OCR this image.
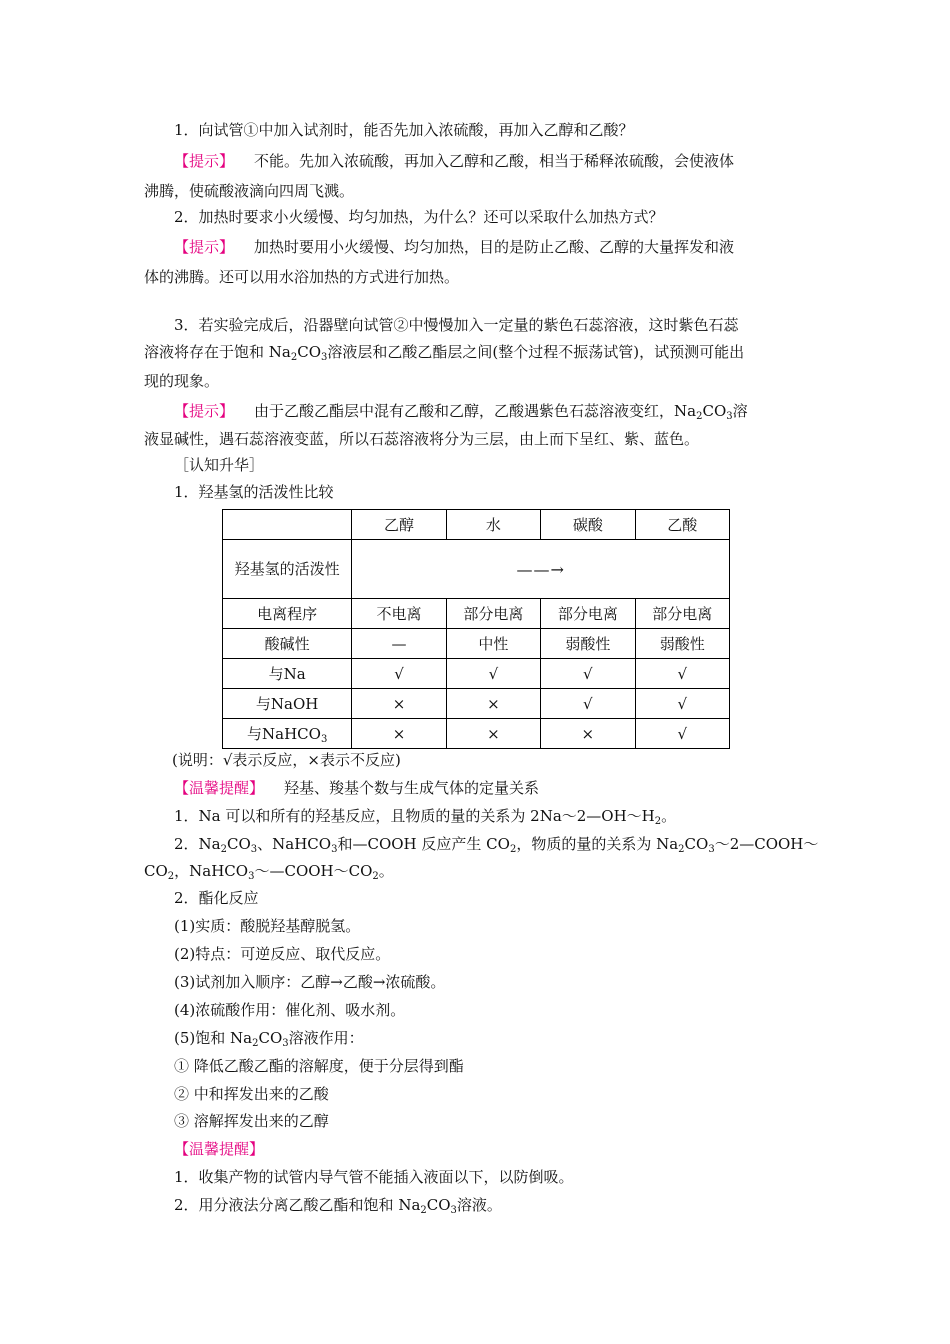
1．向试管①中加入试剂时，能否先加入浓硫酸，再加入乙醇和乙酸？
【提示】 不能。先加入浓硫酸，再加入乙醇和乙酸，相当于稀释浓硫酸，会使液体
沸腾，使硫酸液滴向四周飞溅。
2．加热时要求小火缓慢、均匀加热，为什么？还可以采取什么加热方式？
【提示】 加热时要用小火缓慢、均匀加热，目的是防止乙酸、乙醇的大量挥发和液
体的沸腾。还可以用水浴加热的方式进行加热。
3．若实验完成后，沿器壁向试管②中慢慢加入一定量的紫色石蕊溶液，这时紫色石蕊
溶液将存在于饱和 $Na_2CO_3$溶液层和乙酸乙酯层之间(整个过程不振荡试管)，试预测可能出
现的现象。
【提示】 由于乙酸乙酯层中混有乙酸和乙醇，乙酸遇紫色石蕊溶液变红，$Na_2CO_3$溶
液显碱性，遇石蕊溶液变蓝，所以石蕊溶液将分为三层，由上而下呈红、紫、蓝色。
［认知升华］
1．羟基氢的活泼性比较
	乙醇	水	碳酸	乙酸
羟基氢的活泼性	——→			
电离程序	不电离	部分电离	部分电离	部分电离
酸碱性	—	中性	弱酸性	弱酸性
与Na	√	√	√	√
与NaOH	×	×	√	√
与NaHCO$_3$	×	×	×	√
(说明：√表示反应，×表示不反应)
【温馨提醒】 羟基、羧基个数与生成气体的定量关系
1．Na 可以和所有的羟基反应，且物质的量的关系为 $2Na\sim 2—OH\sim H_2$。
2．$Na_2CO_3$、NaHCO$_3$和—COOH 反应产生 $CO_2$，物质的量的关系为 $Na_2CO_3\sim 2—COOH\sim$
$CO_2$，$NaHCO_3\sim—COOH\sim CO_2$。
2．酯化反应
(1)实质：酸脱羟基醇脱氢。
(2)特点：可逆反应、取代反应。
(3)试剂加入顺序：乙醇→乙酸→浓硫酸。
(4)浓硫酸作用：催化剂、吸水剂。
(5)饱和 $Na_2CO_3$溶液作用：
① 降低乙酸乙酯的溶解度，便于分层得到酯
② 中和挥发出来的乙酸
③ 溶解挥发出来的乙醇
【温馨提醒】
1．收集产物的试管内导气管不能插入液面以下，以防倒吸。
2．用分液法分离乙酸乙酯和饱和 $Na_2CO_3$溶液。
